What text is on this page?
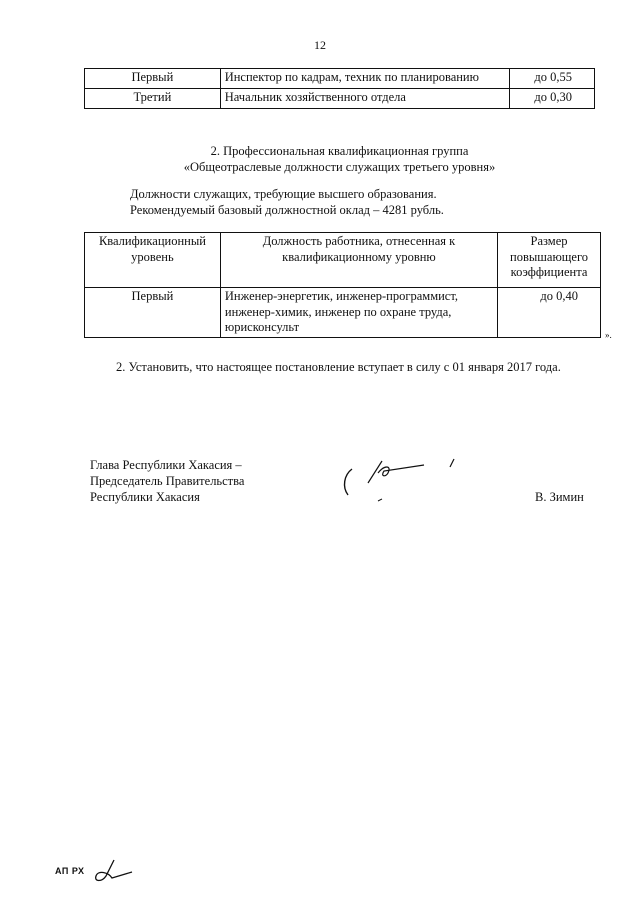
12
Первый	Инспектор по кадрам, техник по планированию	до 0,55
Третий	Начальник хозяйственного отдела	до 0,30
2. Профессиональная квалификационная группа
«Общеотраслевые должности служащих третьего уровня»
Должности служащих, требующие высшего образования.
Рекомендуемый базовый должностной оклад – 4281 рубль.
Квалификационный уровень	Должность работника, отнесенная к квалификационному уровню	Размер повышающего коэффициента
Первый	Инженер-энергетик, инженер-программист, инженер-химик, инженер по охране труда, юрисконсульт	до 0,40
».
2. Установить, что настоящее постановление вступает в силу с 01 января 2017 года.
Глава Республики Хакасия –
Председатель Правительства
Республики Хакасия	В. Зимин
АП РХ
